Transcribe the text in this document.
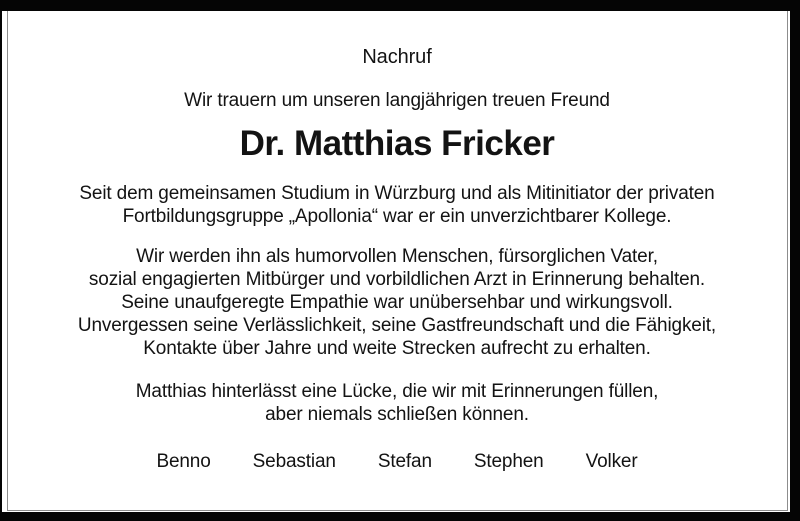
Nachruf
Wir trauern um unseren langjährigen treuen Freund
Dr. Matthias Fricker
Seit dem gemeinsamen Studium in Würzburg und als Mitinitiator der privaten
Fortbildungsgruppe „Apollonia“ war er ein unverzichtbarer Kollege.
Wir werden ihn als humorvollen Menschen, fürsorglichen Vater,
sozial engagierten Mitbürger und vorbildlichen Arzt in Erinnerung behalten.
Seine unaufgeregte Empathie war unübersehbar und wirkungsvoll.
Unvergessen seine Verlässlichkeit, seine Gastfreundschaft und die Fähigkeit,
Kontakte über Jahre und weite Strecken aufrecht zu erhalten.
Matthias hinterlässt eine Lücke, die wir mit Erinnerungen füllen,
aber niemals schließen können.
Benno Sebastian Stefan Stephen Volker
